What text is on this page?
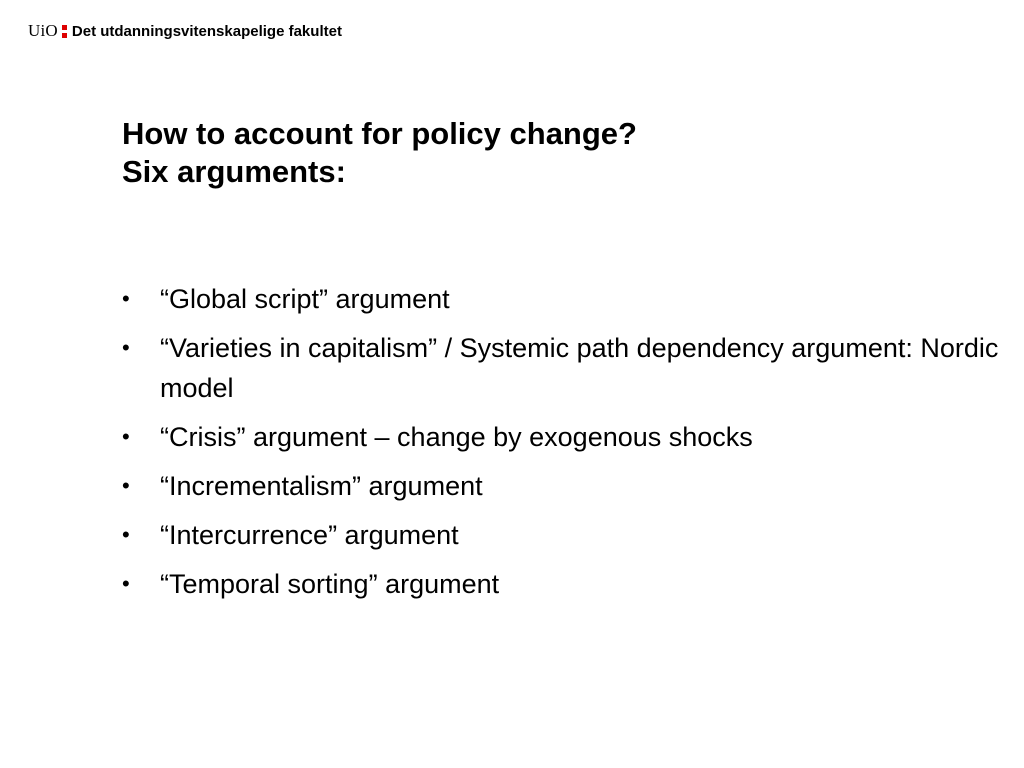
UiO Det utdanningsvitenskapelige fakultet
How to account for policy change?
Six arguments:
• “Global script” argument
• “Varieties in capitalism” / Systemic path dependency argument: Nordic model
• “Crisis” argument – change by exogenous shocks
• “Incrementalism” argument
• “Intercurrence” argument
• “Temporal sorting” argument
